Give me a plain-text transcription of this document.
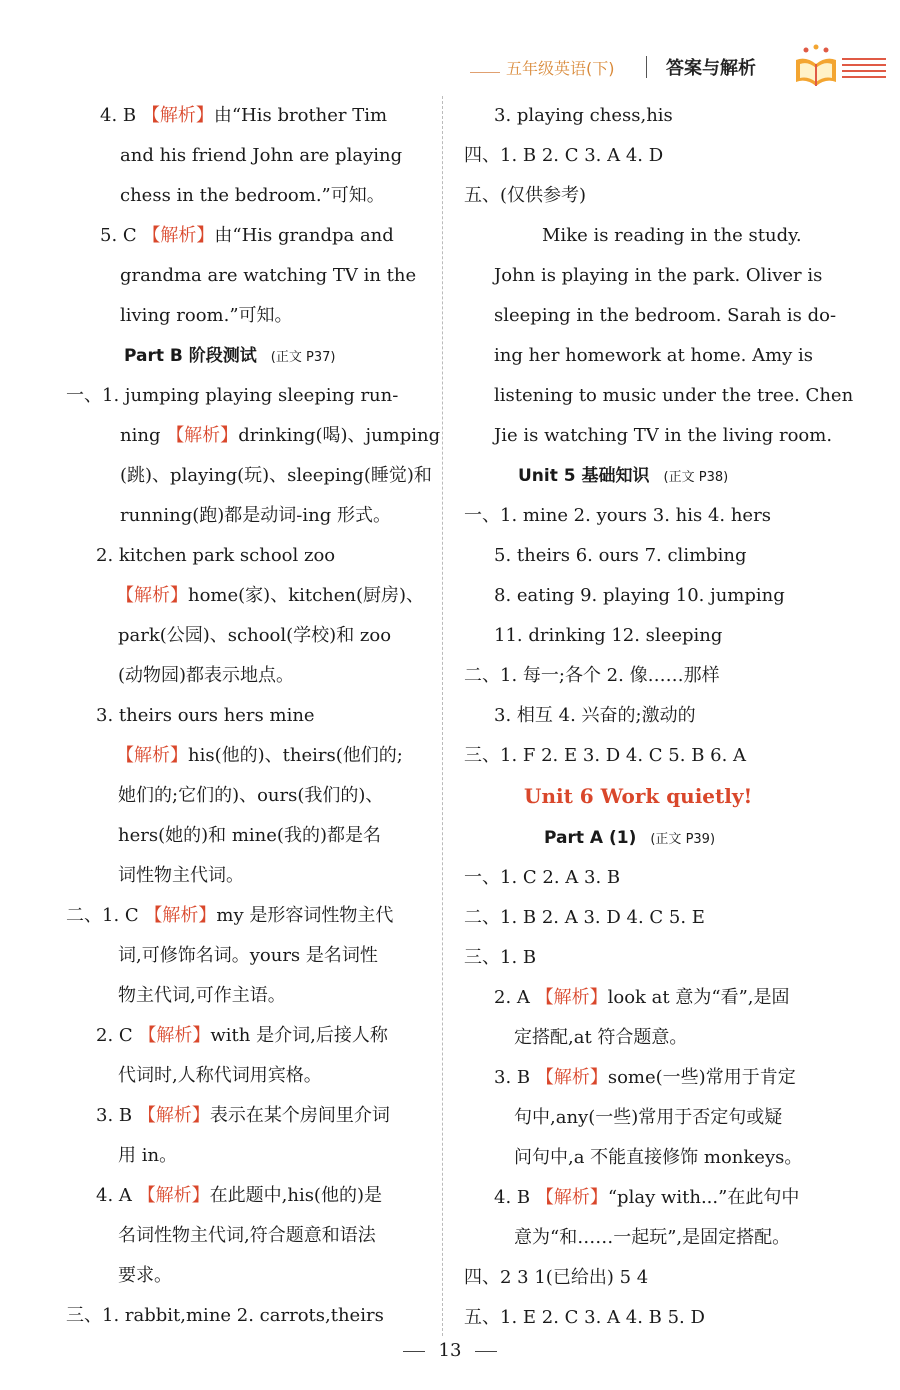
五年级英语(下)	答案与解析
4. B 【解析】由“His brother Tim
and his friend John are playing
chess in the bedroom.”可知。
5. C 【解析】由“His grandpa and
grandma are watching TV in the
living room.”可知。
Part B 阶段测试 (正文 P37)
一、1. jumping playing sleeping run-
ning 【解析】drinking(喝)、jumping
(跳)、playing(玩)、sleeping(睡觉)和
running(跑)都是动词-ing 形式。
2. kitchen park school zoo
【解析】home(家)、kitchen(厨房)、
park(公园)、school(学校)和 zoo
(动物园)都表示地点。
3. theirs ours hers mine
【解析】his(他的)、theirs(他们的;
她们的;它们的)、ours(我们的)、
hers(她的)和 mine(我的)都是名
词性物主代词。
二、1. C 【解析】my 是形容词性物主代
词,可修饰名词。yours 是名词性
物主代词,可作主语。
2. C 【解析】with 是介词,后接人称
代词时,人称代词用宾格。
3. B 【解析】表示在某个房间里介词
用 in。
4. A 【解析】在此题中,his(他的)是
名词性物主代词,符合题意和语法
要求。
三、1. rabbit,mine 2. carrots,theirs
3. playing chess,his
四、1. B 2. C 3. A 4. D
五、(仅供参考)
Mike is reading in the study.
John is playing in the park. Oliver is
sleeping in the bedroom. Sarah is do-
ing her homework at home. Amy is
listening to music under the tree. Chen
Jie is watching TV in the living room.
Unit 5 基础知识 (正文 P38)
一、1. mine 2. yours 3. his 4. hers
5. theirs 6. ours 7. climbing
8. eating 9. playing 10. jumping
11. drinking 12. sleeping
二、1. 每一;各个 2. 像……那样
3. 相互 4. 兴奋的;激动的
三、1. F 2. E 3. D 4. C 5. B 6. A
Unit 6 Work quietly!
Part A (1) (正文 P39)
一、1. C 2. A 3. B
二、1. B 2. A 3. D 4. C 5. E
三、1. B
2. A 【解析】look at 意为“看”,是固
定搭配,at 符合题意。
3. B 【解析】some(一些)常用于肯定
句中,any(一些)常用于否定句或疑
问句中,a 不能直接修饰 monkeys。
4. B 【解析】“play with...”在此句中
意为“和……一起玩”,是固定搭配。
四、2 3 1(已给出) 5 4
五、1. E 2. C 3. A 4. B 5. D
13
